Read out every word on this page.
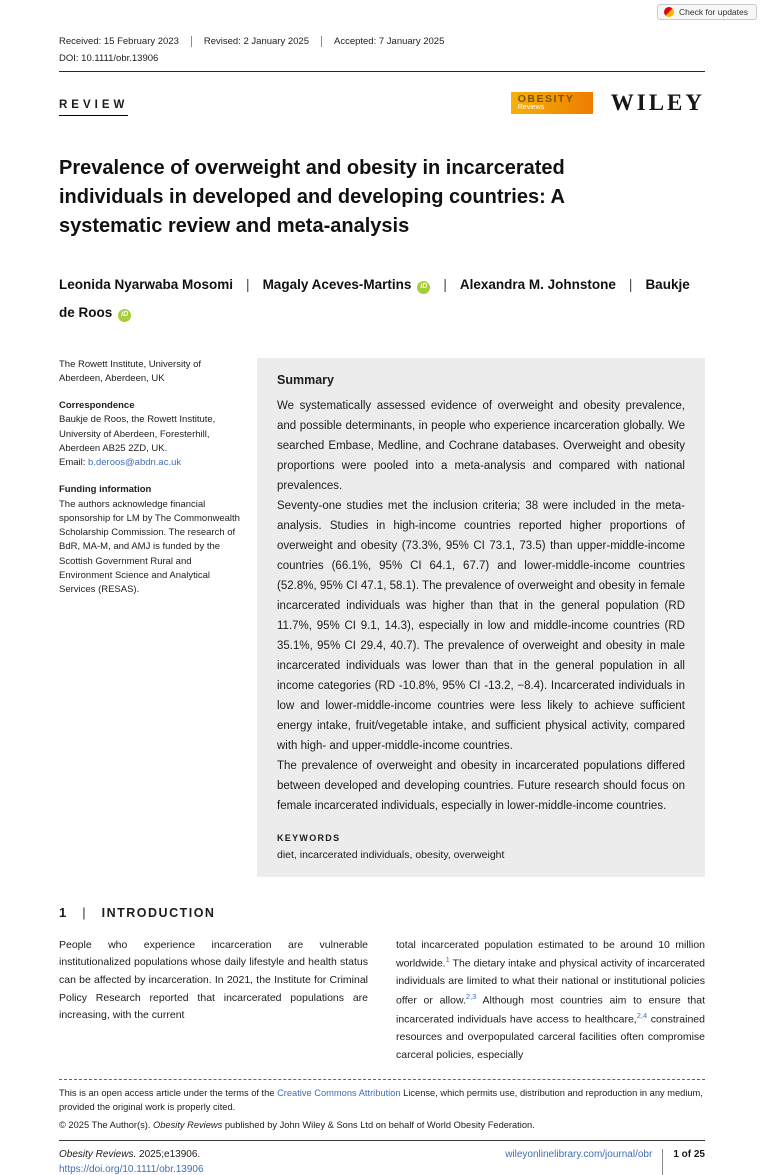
Check for updates
Received: 15 February 2023	Revised: 2 January 2025	Accepted: 7 January 2025
DOI: 10.1111/obr.13906
REVIEW
OBESITY
Reviews	WILEY
Prevalence of overweight and obesity in incarcerated individuals in developed and developing countries: A systematic review and meta-analysis
Leonida Nyarwaba Mosomi | Magaly Aceves-Martins iD | Alexandra M. Johnstone | Baukje de Roos iD
The Rowett Institute, University of Aberdeen, Aberdeen, UK
Correspondence
Baukje de Roos, the Rowett Institute, University of Aberdeen, Foresterhill, Aberdeen AB25 2ZD, UK.
Email: b.deroos@abdn.ac.uk
Funding information
The authors acknowledge financial sponsorship for LM by The Commonwealth Scholarship Commission. The research of BdR, MA-M, and AMJ is funded by the Scottish Government Rural and Environment Science and Analytical Services (RESAS).
Summary

We systematically assessed evidence of overweight and obesity prevalence, and possible determinants, in people who experience incarceration globally. We searched Embase, Medline, and Cochrane databases. Overweight and obesity proportions were pooled into a meta-analysis and compared with national prevalences.

Seventy-one studies met the inclusion criteria; 38 were included in the meta-analysis. Studies in high-income countries reported higher proportions of overweight and obesity (73.3%, 95% CI 73.1, 73.5) than upper-middle-income countries (66.1%, 95% CI 64.1, 67.7) and lower-middle-income countries (52.8%, 95% CI 47.1, 58.1). The prevalence of overweight and obesity in female incarcerated individuals was higher than that in the general population (RD 11.7%, 95% CI 9.1, 14.3), especially in low and middle-income countries (RD 35.1%, 95% CI 29.4, 40.7). The prevalence of overweight and obesity in male incarcerated individuals was lower than that in the general population in all income categories (RD -10.8%, 95% CI -13.2, −8.4). Incarcerated individuals in low and lower-middle-income countries were less likely to achieve sufficient energy intake, fruit/vegetable intake, and sufficient physical activity, compared with high- and upper-middle-income countries.

The prevalence of overweight and obesity in incarcerated populations differed between developed and developing countries. Future research should focus on female incarcerated individuals, especially in lower-middle-income countries.

KEYWORDS
diet, incarcerated individuals, obesity, overweight
1 | INTRODUCTION

People who experience incarceration are vulnerable institutionalized populations whose daily lifestyle and health status can be affected by incarceration. In 2021, the Institute for Criminal Policy Research reported that incarcerated populations are increasing, with the current

total incarcerated population estimated to be around 10 million worldwide.$^1$ The dietary intake and physical activity of incarcerated individuals are limited to what their national or institutional policies offer or allow.$^{2,3}$ Although most countries aim to ensure that incarcerated individuals have access to healthcare,$^{2,4}$ constrained resources and overpopulated carceral facilities often compromise carceral policies, especially

This is an open access article under the terms of the Creative Commons Attribution License, which permits use, distribution and reproduction in any medium, provided the original work is properly cited.
© 2025 The Author(s). Obesity Reviews published by John Wiley & Sons Ltd on behalf of World Obesity Federation.
Obesity Reviews. 2025;e13906.
https://doi.org/10.1111/obr.13906
wileyonlinelibrary.com/journal/obr 1 of 25
